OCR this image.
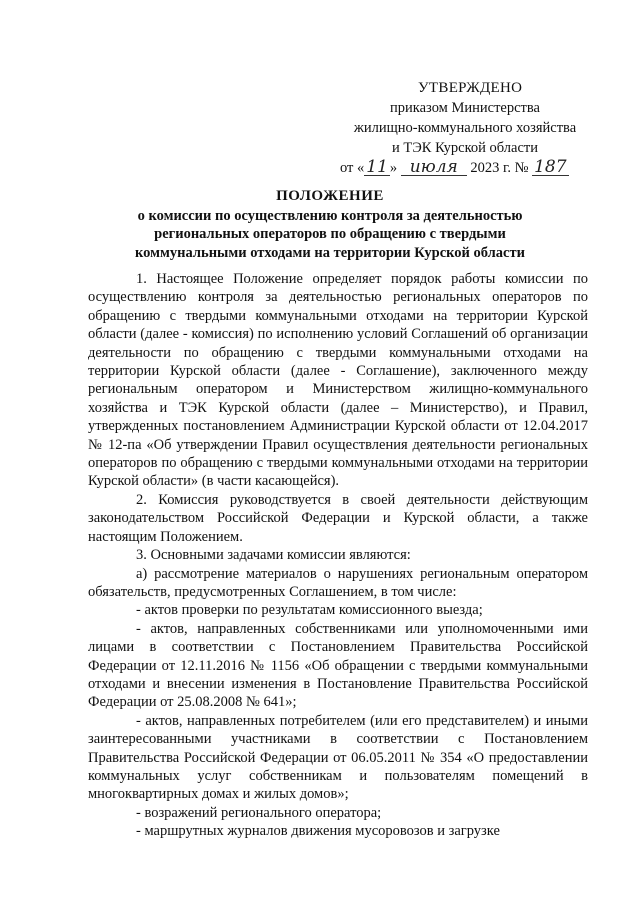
УТВЕРЖДЕНО
приказом Министерства
жилищно-коммунального хозяйства
и ТЭК Курской области
от « 11 » июля 2023 г. № 187
ПОЛОЖЕНИЕ
о комиссии по осуществлению контроля за деятельностью
региональных операторов по обращению с твердыми
коммунальными отходами на территории Курской области

1. Настоящее Положение определяет порядок работы комиссии по осуществлению контроля за деятельностью региональных операторов по обращению с твердыми коммунальными отходами на территории Курской области (далее - комиссия) по исполнению условий Соглашений об организации деятельности по обращению с твердыми коммунальными отходами на территории Курской области (далее - Соглашение), заключенного между региональным оператором и Министерством жилищно-коммунального хозяйства и ТЭК Курской области (далее – Министерство), и Правил, утвержденных постановлением Администрации Курской области от 12.04.2017 № 12-па «Об утверждении Правил осуществления деятельности региональных операторов по обращению с твердыми коммунальными отходами на территории Курской области» (в части касающейся).

2. Комиссия руководствуется в своей деятельности действующим законодательством Российской Федерации и Курской области, а также настоящим Положением.

3. Основными задачами комиссии являются:

а) рассмотрение материалов о нарушениях региональным оператором обязательств, предусмотренных Соглашением, в том числе:

- актов проверки по результатам комиссионного выезда;

- актов, направленных собственниками или уполномоченными ими лицами в соответствии с Постановлением Правительства Российской Федерации от 12.11.2016 № 1156 «Об обращении с твердыми коммунальными отходами и внесении изменения в Постановление Правительства Российской Федерации от 25.08.2008 № 641»;

- актов, направленных потребителем (или его представителем) и иными заинтересованными участниками в соответствии с Постановлением Правительства Российской Федерации от 06.05.2011 № 354 «О предоставлении коммунальных услуг собственникам и пользователям помещений в многоквартирных домах и жилых домов»;

- возражений регионального оператора;

- маршрутных журналов движения мусоровозов и загрузке
